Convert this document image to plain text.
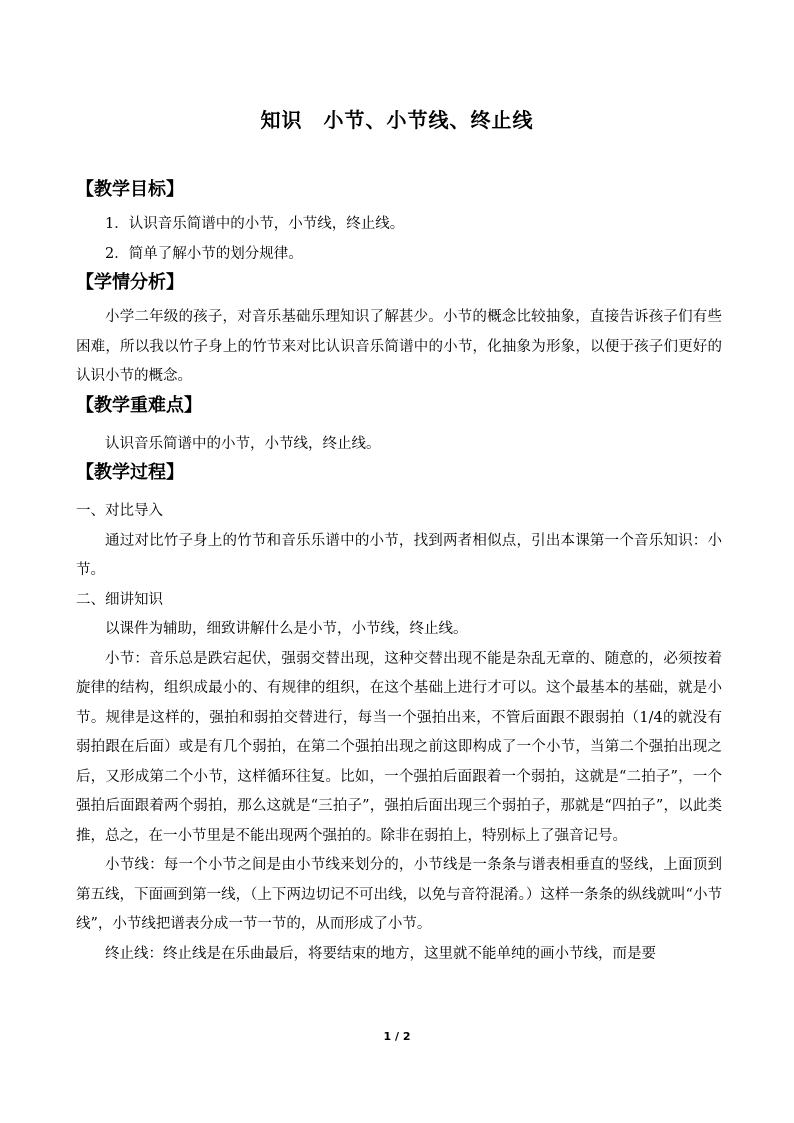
知识　小节、小节线、终止线
【教学目标】
1．认识音乐简谱中的小节，小节线，终止线。
2．简单了解小节的划分规律。
【学情分析】

小学二年级的孩子，对音乐基础乐理知识了解甚少。小节的概念比较抽象，直接告诉孩子们有些困难，所以我以竹子身上的竹节来对比认识音乐简谱中的小节，化抽象为形象，以便于孩子们更好的认识小节的概念。

【教学重难点】

认识音乐简谱中的小节，小节线，终止线。

【教学过程】
一、对比导入

通过对比竹子身上的竹节和音乐乐谱中的小节，找到两者相似点，引出本课第一个音乐知识：小节。

二、细讲知识

以课件为辅助，细致讲解什么是小节，小节线，终止线。

小节：音乐总是跌宕起伏，强弱交替出现，这种交替出现不能是杂乱无章的、随意的，必须按着旋律的结构，组织成最小的、有规律的组织，在这个基础上进行才可以。这个最基本的基础，就是小节。规律是这样的，强拍和弱拍交替进行，每当一个强拍出来，不管后面跟不跟弱拍（1/4的就没有弱拍跟在后面）或是有几个弱拍，在第二个强拍出现之前这即构成了一个小节，当第二个强拍出现之后，又形成第二个小节，这样循环往复。比如，一个强拍后面跟着一个弱拍，这就是“二拍子”，一个强拍后面跟着两个弱拍，那么这就是“三拍子”，强拍后面出现三个弱拍子，那就是“四拍子”，以此类推，总之，在一小节里是不能出现两个强拍的。除非在弱拍上，特别标上了强音记号。

小节线：每一个小节之间是由小节线来划分的，小节线是一条条与谱表相垂直的竖线，上面顶到第五线，下面画到第一线，（上下两边切记不可出线，以免与音符混淆。）这样一条条的纵线就叫“小节线”，小节线把谱表分成一节一节的，从而形成了小节。

终止线：终止线是在乐曲最后，将要结束的地方，这里就不能单纯的画小节线，而是要

1 / 2
